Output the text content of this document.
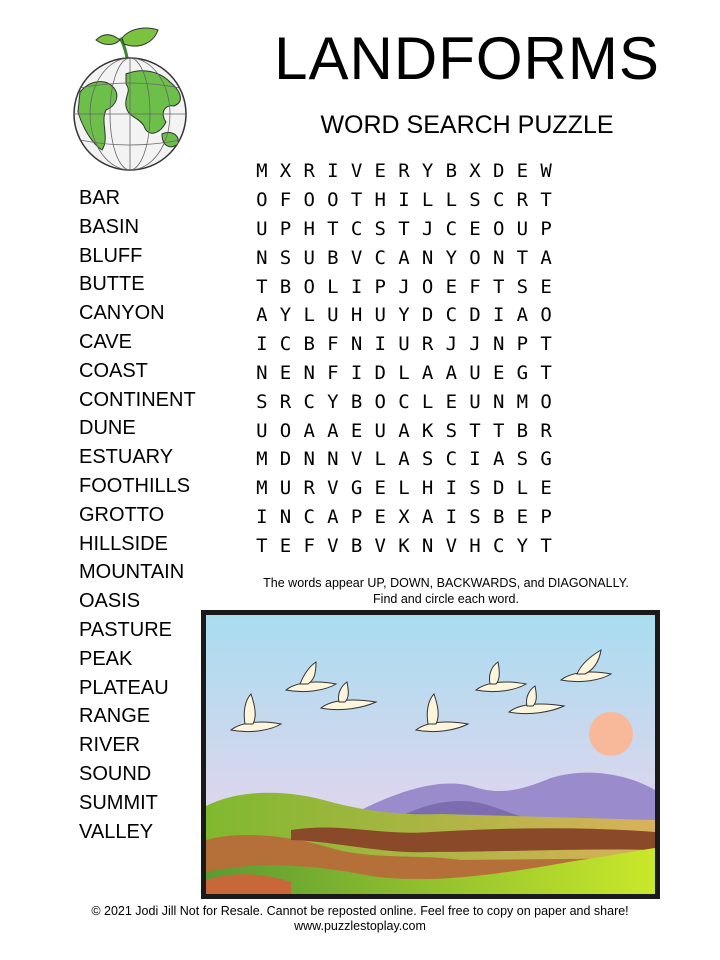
LANDFORMS
WORD SEARCH PUZZLE
BAR
BASIN
BLUFF
BUTTE
CANYON
CAVE
COAST
CONTINENT
DUNE
ESTUARY
FOOTHILLS
GROTTO
HILLSIDE
MOUNTAIN
OASIS
PASTURE
PEAK
PLATEAU
RANGE
RIVER
SOUND
SUMMIT
VALLEY
M X R I V E R Y B X D E W
O F O O T H I L L S C R T
U P H T C S T J C E O U P
N S U B V C A N Y O N T A
T B O L I P J O E F T S E
A Y L U H U Y D C D I A O
I C B F N I U R J J N P T
N E N F I D L A A U E G T
S R C Y B O C L E U N M O
U O A A E U A K S T T B R
M D N N V L A S C I A S G
M U R V G E L H I S D L E
I N C A P E X A I S B E P
T E F V B V K N V H C Y T
The words appear UP, DOWN, BACKWARDS, and DIAGONALLY.
Find and circle each word.
© 2021 Jodi Jill Not for Resale. Cannot be reposted online. Feel free to copy on paper and share!
www.puzzlestoplay.com
